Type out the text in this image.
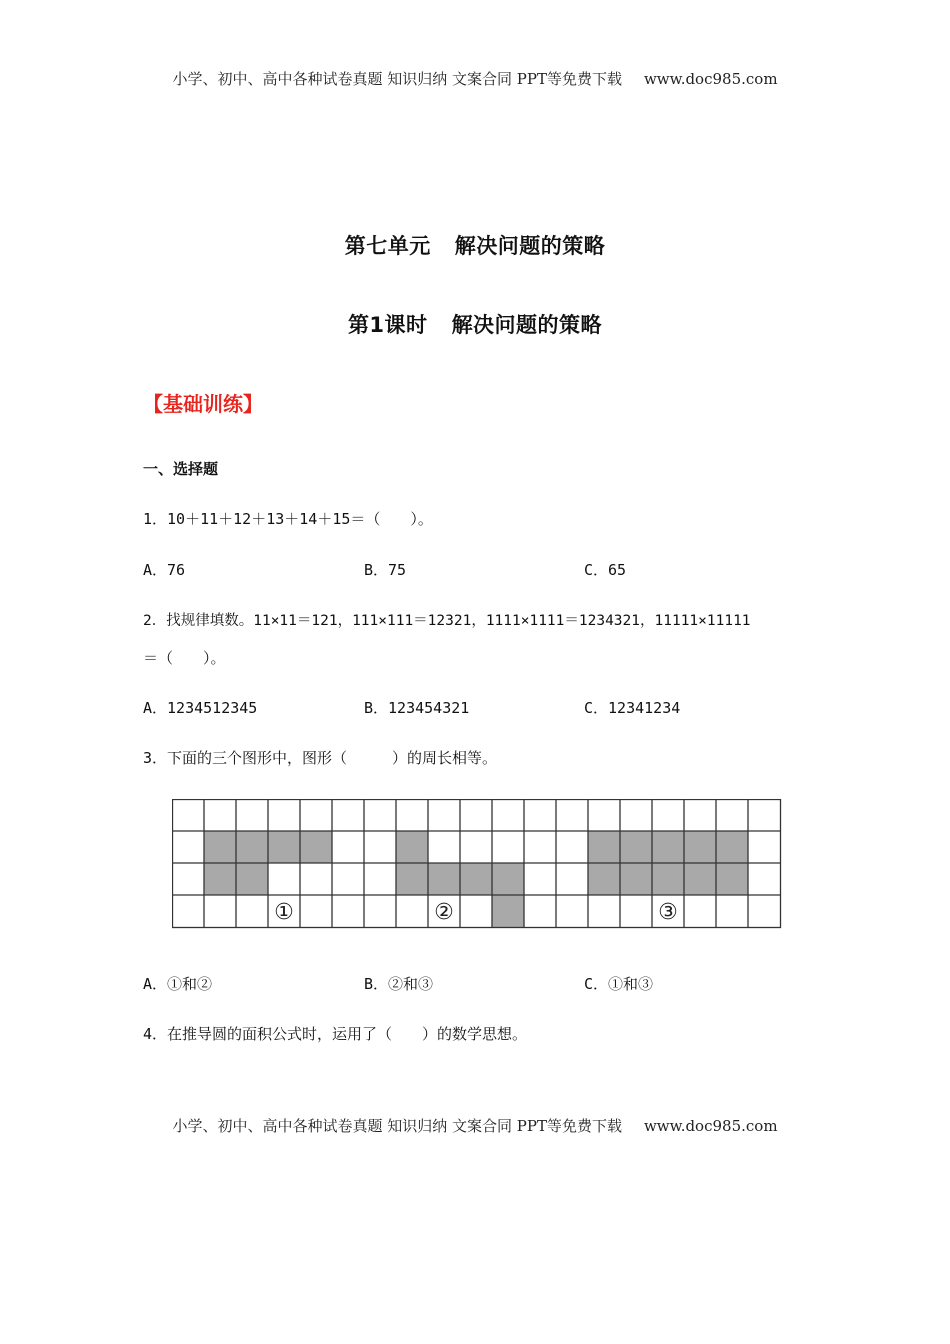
小学、初中、高中各种试卷真题 知识归纳 文案合同 PPT等免费下载 www.doc985.com
第七单元 解决问题的策略
第1课时 解决问题的策略
【基础训练】
一、选择题
1．10＋11＋12＋13＋14＋15＝（　　）。
A．76	B．75	C．65
2．找规律填数。11×11＝121，111×111＝12321，1111×1111＝1234321，11111×11111
＝（　　）。
A．1234512345	B．123454321	C．12341234
3．下面的三个图形中，图形（　　　）的周长相等。
①	②	③
A．①和②	B．②和③	C．①和③
4．在推导圆的面积公式时，运用了（　　）的数学思想。
小学、初中、高中各种试卷真题 知识归纳 文案合同 PPT等免费下载 www.doc985.com
